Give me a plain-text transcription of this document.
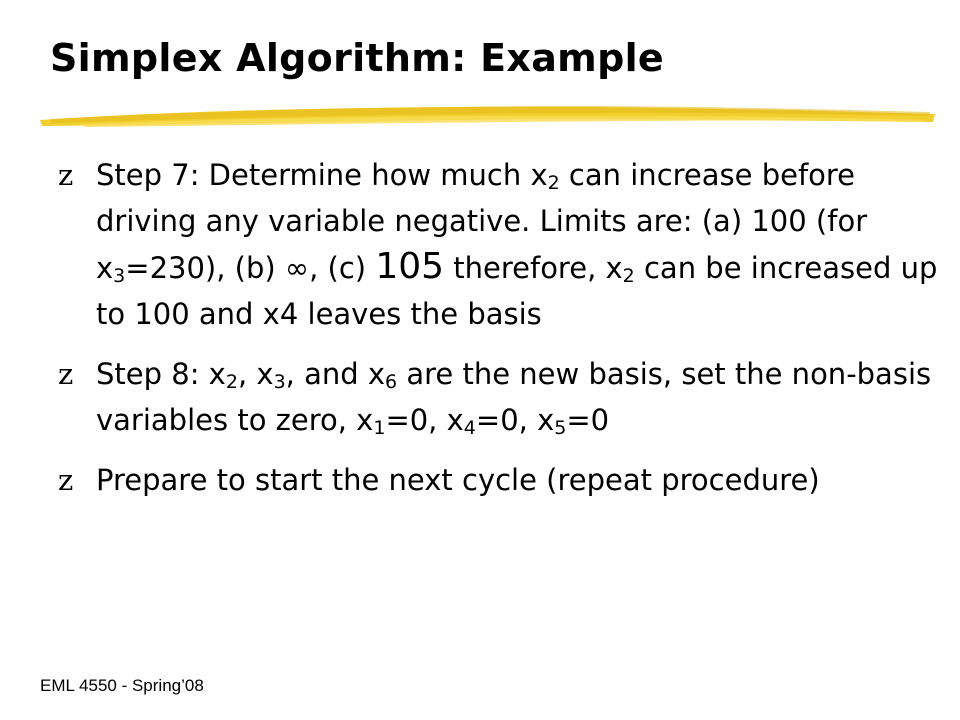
Simplex Algorithm: Example
z Step 7: Determine how much $x_2$ can increase before driving any variable negative. Limits are: (a) 100 (for $x_3=230$), (b) ∞, (c) 105 therefore, $x_2$ can be increased up to 100 and x4 leaves the basis
z Step 8: $x_2$, $x_3$, and $x_6$ are the new basis, set the non-basis variables to zero, $x_1=0$, $x_4=0$, $x_5=0$
z Prepare to start the next cycle (repeat procedure)
EML 4550 - Spring’08
